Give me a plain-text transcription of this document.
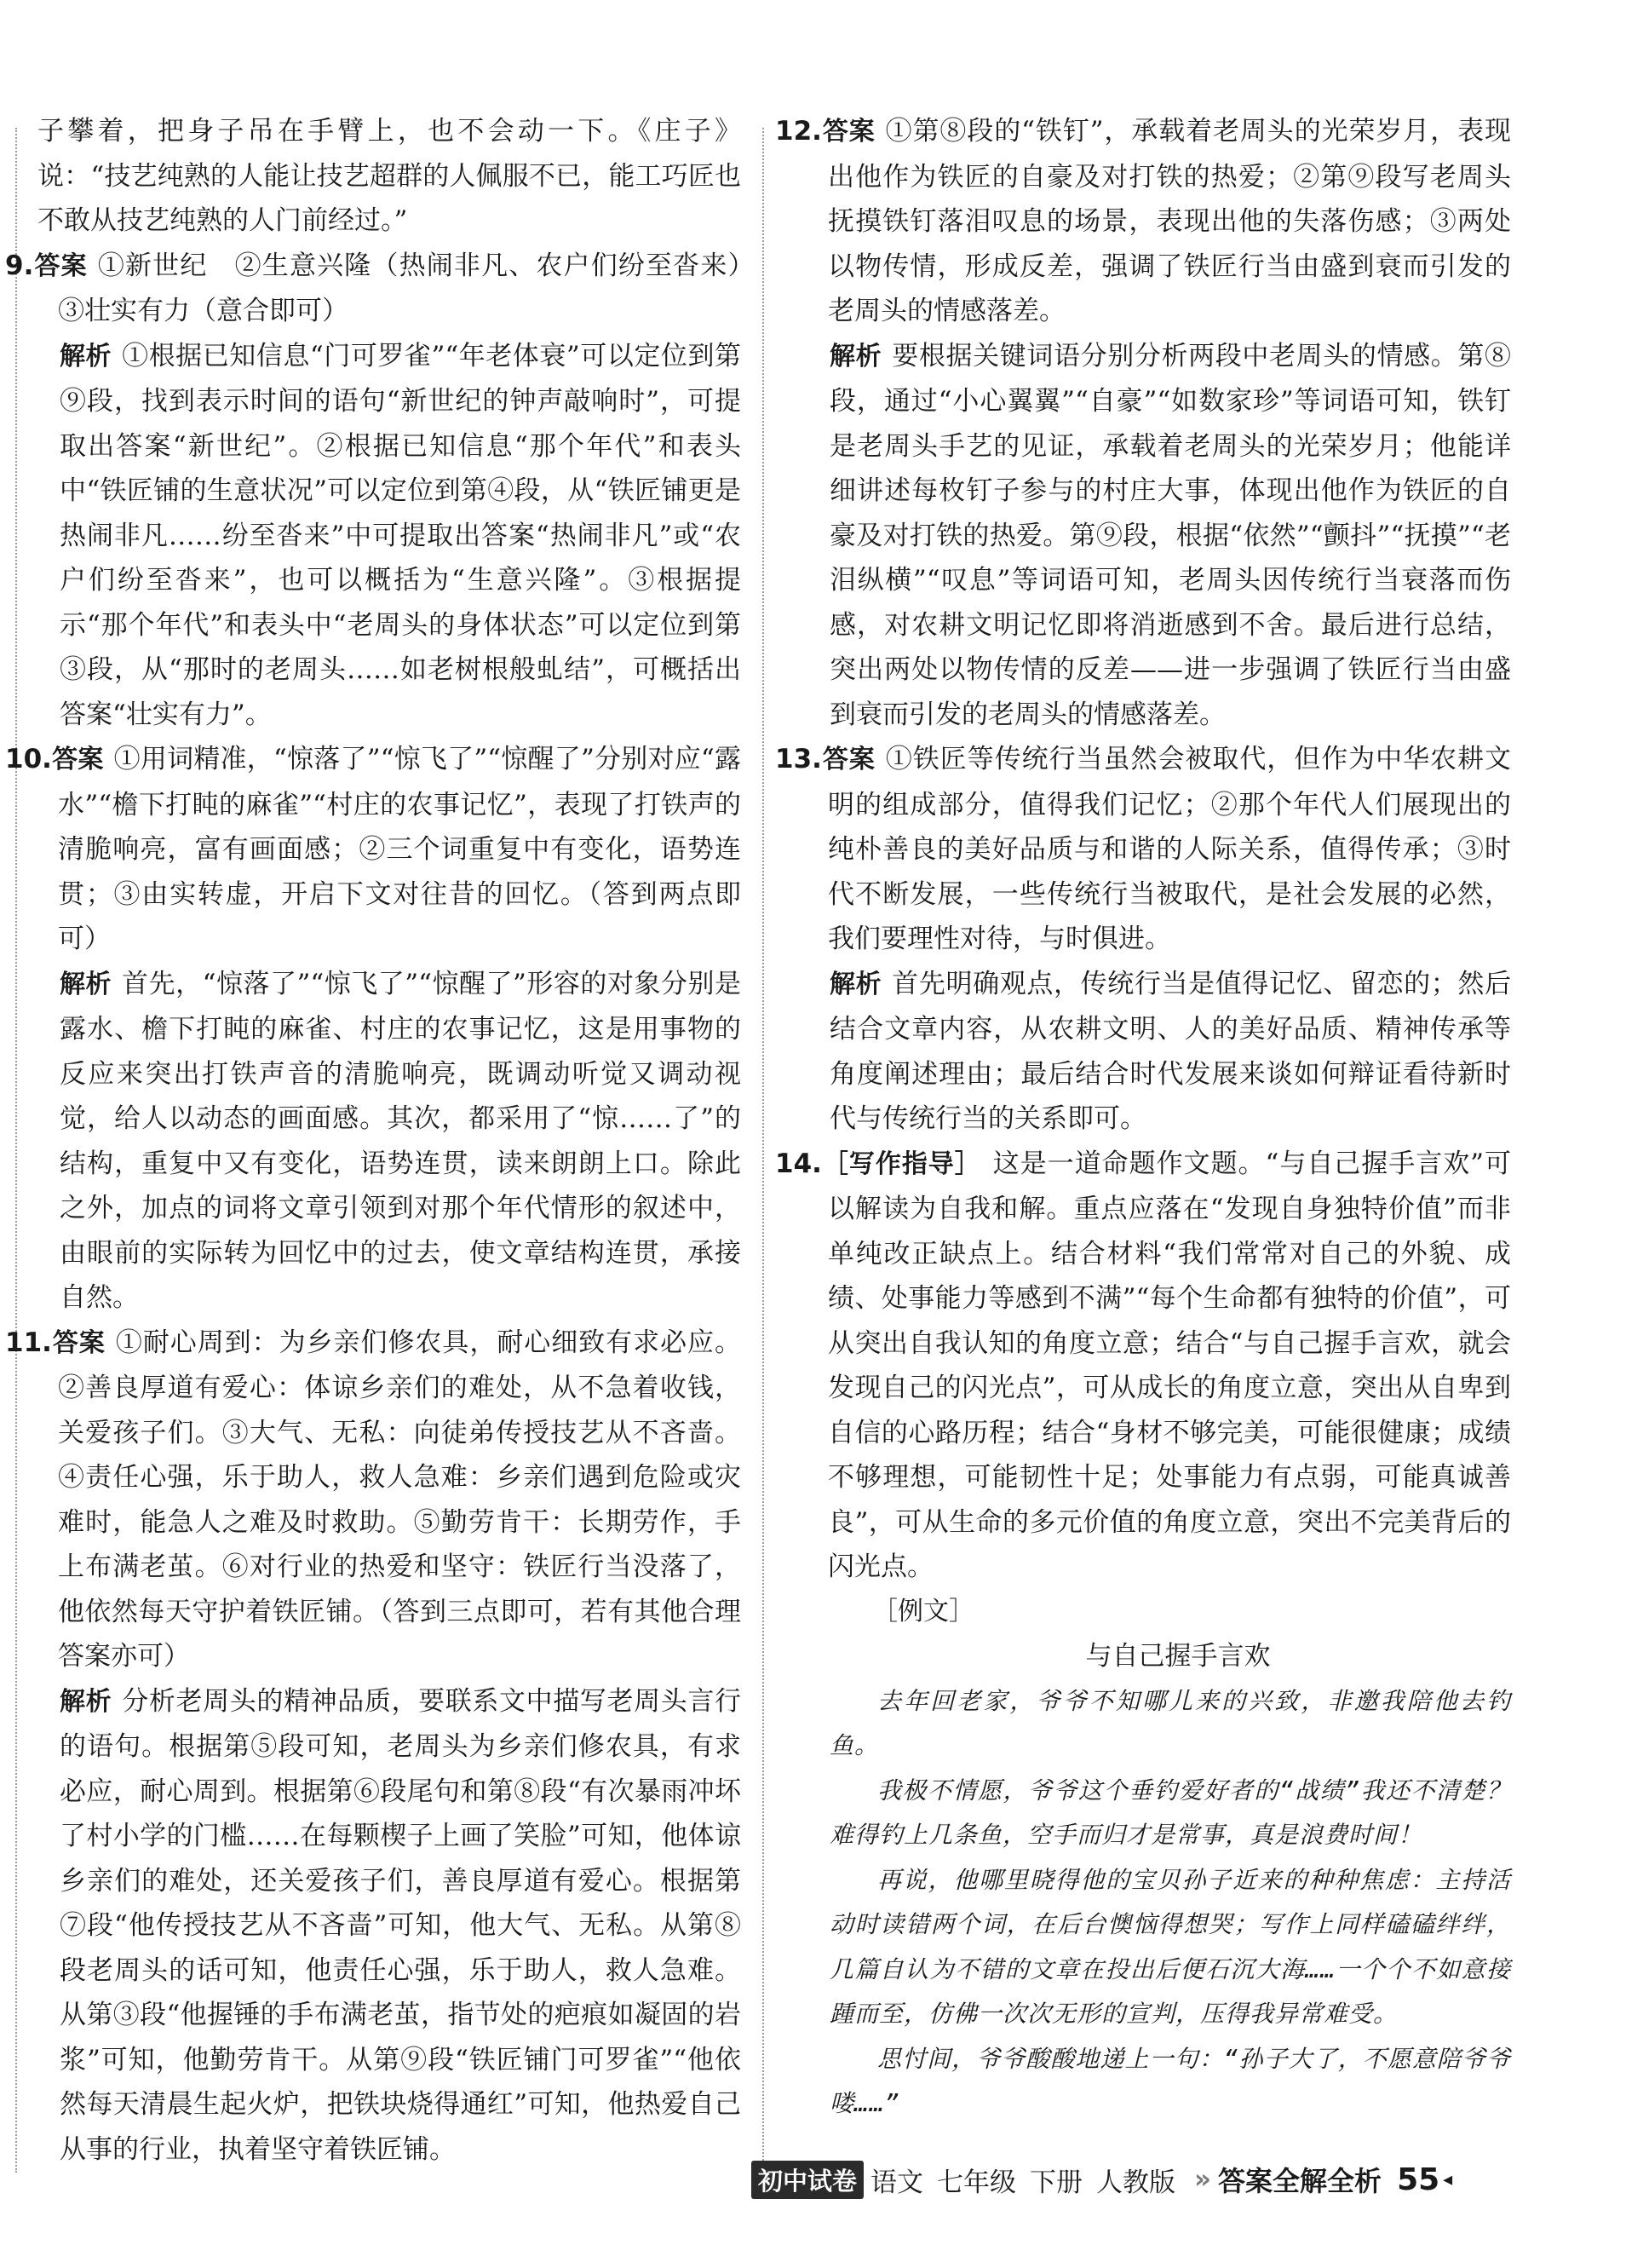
子攀着，把身子吊在手臂上，也不会动一下。《庄子》说：“技艺纯熟的人能让技艺超群的人佩服不已，能工巧匠也不敢从技艺纯熟的人门前经过。”

9.答案 ①新世纪　②生意兴隆（热闹非凡、农户们纷至沓来）　③壮实有力（意合即可）

解析 ①根据已知信息“门可罗雀”“年老体衰”可以定位到第⑨段，找到表示时间的语句“新世纪的钟声敲响时”，可提取出答案“新世纪”。②根据已知信息“那个年代”和表头中“铁匠铺的生意状况”可以定位到第④段，从“铁匠铺更是热闹非凡……纷至沓来”中可提取出答案“热闹非凡”或“农户们纷至沓来”，也可以概括为“生意兴隆”。③根据提示“那个年代”和表头中“老周头的身体状态”可以定位到第③段，从“那时的老周头……如老树根般虬结”，可概括出答案“壮实有力”。

10.答案 ①用词精准，“惊落了”“惊飞了”“惊醒了”分别对应“露水”“檐下打盹的麻雀”“村庄的农事记忆”，表现了打铁声的清脆响亮，富有画面感；②三个词重复中有变化，语势连贯；③由实转虚，开启下文对往昔的回忆。（答到两点即可）

解析 首先，“惊落了”“惊飞了”“惊醒了”形容的对象分别是露水、檐下打盹的麻雀、村庄的农事记忆，这是用事物的反应来突出打铁声音的清脆响亮，既调动听觉又调动视觉，给人以动态的画面感。其次，都采用了“惊……了”的结构，重复中又有变化，语势连贯，读来朗朗上口。除此之外，加点的词将文章引领到对那个年代情形的叙述中，由眼前的实际转为回忆中的过去，使文章结构连贯，承接自然。

11.答案 ①耐心周到：为乡亲们修农具，耐心细致有求必应。②善良厚道有爱心：体谅乡亲们的难处，从不急着收钱，关爱孩子们。③大气、无私：向徒弟传授技艺从不吝啬。④责任心强，乐于助人，救人急难：乡亲们遇到危险或灾难时，能急人之难及时救助。⑤勤劳肯干：长期劳作，手上布满老茧。⑥对行业的热爱和坚守：铁匠行当没落了，他依然每天守护着铁匠铺。（答到三点即可，若有其他合理答案亦可）

解析 分析老周头的精神品质，要联系文中描写老周头言行的语句。根据第⑤段可知，老周头为乡亲们修农具，有求必应，耐心周到。根据第⑥段尾句和第⑧段“有次暴雨冲坏了村小学的门槛……在每颗楔子上画了笑脸”可知，他体谅乡亲们的难处，还关爱孩子们，善良厚道有爱心。根据第⑦段“他传授技艺从不吝啬”可知，他大气、无私。从第⑧段老周头的话可知，他责任心强，乐于助人，救人急难。从第③段“他握锤的手布满老茧，指节处的疤痕如凝固的岩浆”可知，他勤劳肯干。从第⑨段“铁匠铺门可罗雀”“他依然每天清晨生起火炉，把铁块烧得通红”可知，他热爱自己从事的行业，执着坚守着铁匠铺。

12.答案 ①第⑧段的“铁钉”，承载着老周头的光荣岁月，表现出他作为铁匠的自豪及对打铁的热爱；②第⑨段写老周头抚摸铁钉落泪叹息的场景，表现出他的失落伤感；③两处以物传情，形成反差，强调了铁匠行当由盛到衰而引发的老周头的情感落差。

解析 要根据关键词语分别分析两段中老周头的情感。第⑧段，通过“小心翼翼”“自豪”“如数家珍”等词语可知，铁钉是老周头手艺的见证，承载着老周头的光荣岁月；他能详细讲述每枚钉子参与的村庄大事，体现出他作为铁匠的自豪及对打铁的热爱。第⑨段，根据“依然”“颤抖”“抚摸”“老泪纵横”“叹息”等词语可知，老周头因传统行当衰落而伤感，对农耕文明记忆即将消逝感到不舍。最后进行总结，突出两处以物传情的反差——进一步强调了铁匠行当由盛到衰而引发的老周头的情感落差。

13.答案 ①铁匠等传统行当虽然会被取代，但作为中华农耕文明的组成部分，值得我们记忆；②那个年代人们展现出的纯朴善良的美好品质与和谐的人际关系，值得传承；③时代不断发展，一些传统行当被取代，是社会发展的必然，我们要理性对待，与时俱进。

解析 首先明确观点，传统行当是值得记忆、留恋的；然后结合文章内容，从农耕文明、人的美好品质、精神传承等角度阐述理由；最后结合时代发展来谈如何辩证看待新时代与传统行当的关系即可。

14.［写作指导］ 这是一道命题作文题。“与自己握手言欢”可以解读为自我和解。重点应落在“发现自身独特价值”而非单纯改正缺点上。结合材料“我们常常对自己的外貌、成绩、处事能力等感到不满”“每个生命都有独特的价值”，可从突出自我认知的角度立意；结合“与自己握手言欢，就会发现自己的闪光点”，可从成长的角度立意，突出从自卑到自信的心路历程；结合“身材不够完美，可能很健康；成绩不够理想，可能韧性十足；处事能力有点弱，可能真诚善良”，可从生命的多元价值的角度立意，突出不完美背后的闪光点。

［例文］

与自己握手言欢

去年回老家，爷爷不知哪儿来的兴致，非邀我陪他去钓鱼。

我极不情愿，爷爷这个垂钓爱好者的“战绩”我还不清楚？难得钓上几条鱼，空手而归才是常事，真是浪费时间！

再说，他哪里晓得他的宝贝孙子近来的种种焦虑：主持活动时读错两个词，在后台懊恼得想哭；写作上同样磕磕绊绊，几篇自认为不错的文章在投出后便石沉大海……一个个不如意接踵而至，仿佛一次次无形的宣判，压得我异常难受。

思忖间，爷爷酸酸地递上一句：“孙子大了，不愿意陪爷爷喽……”

初中试卷 语文 七年级 下册 人教版 » 答案全解全析 55 ◂
